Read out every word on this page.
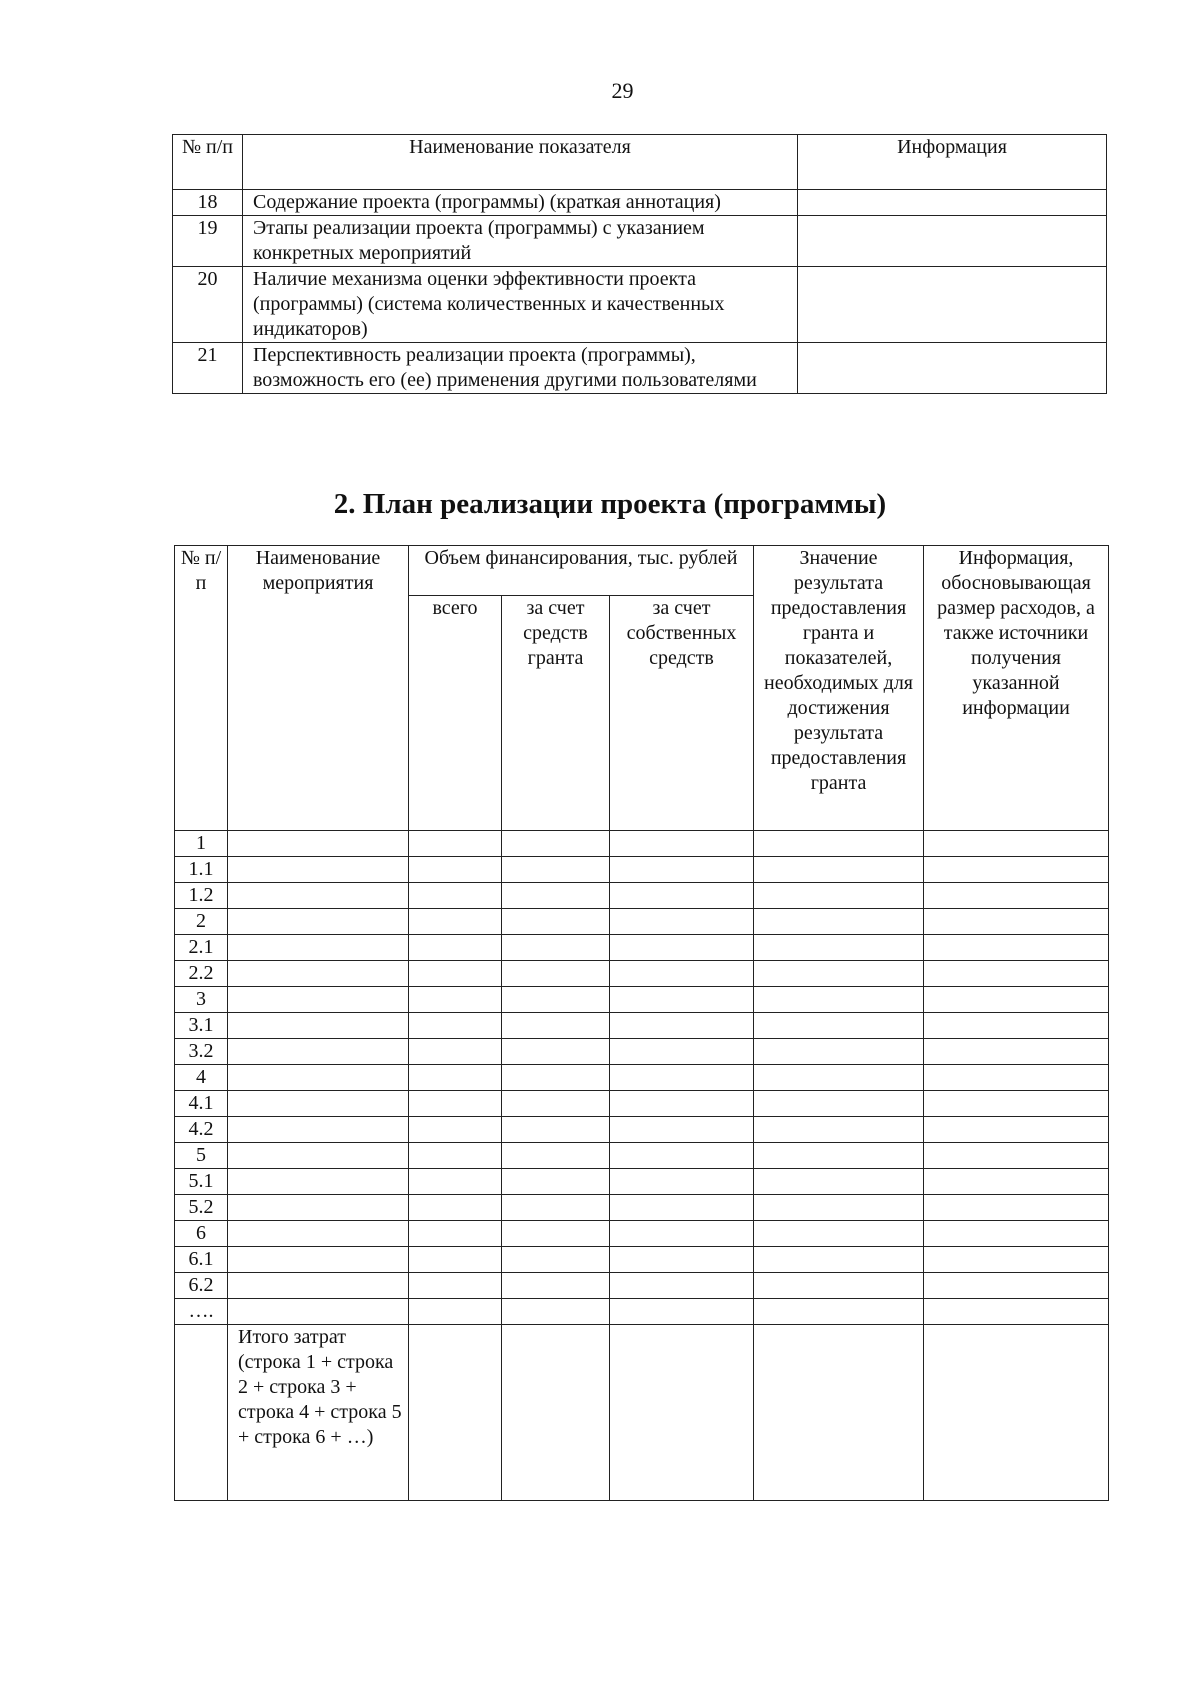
29
№ п/п	Наименование показателя	Информация
18	Содержание проекта (программы) (краткая аннотация)	
19	Этапы реализации проекта (программы) с указанием конкретных мероприятий	
20	Наличие механизма оценки эффективности проекта (программы) (система количественных и качественных индикаторов)	
21	Перспективность реализации проекта (программы), возможность его (ее) применения другими пользователями	
2. План реализации проекта (программы)
№ п/п	Наименование мероприятия	Объем финансирования, тыс. рублей			Значение результата предоставления гранта и показателей, необходимых для достижения результата предоставления гранта	Информация, обосновывающая размер расходов, а также источники получения указанной информации
		всего	за счет средств гранта	за счет собственных средств		
1						
1.1						
1.2						
2						
2.1						
2.2						
3						
3.1						
3.2						
4						
4.1						
4.2						
5						
5.1						
5.2						
6						
6.1						
6.2						
….						
	Итого затрат (строка 1 + строка 2 + строка 3 + строка 4 + строка 5 + строка 6 + …)					
